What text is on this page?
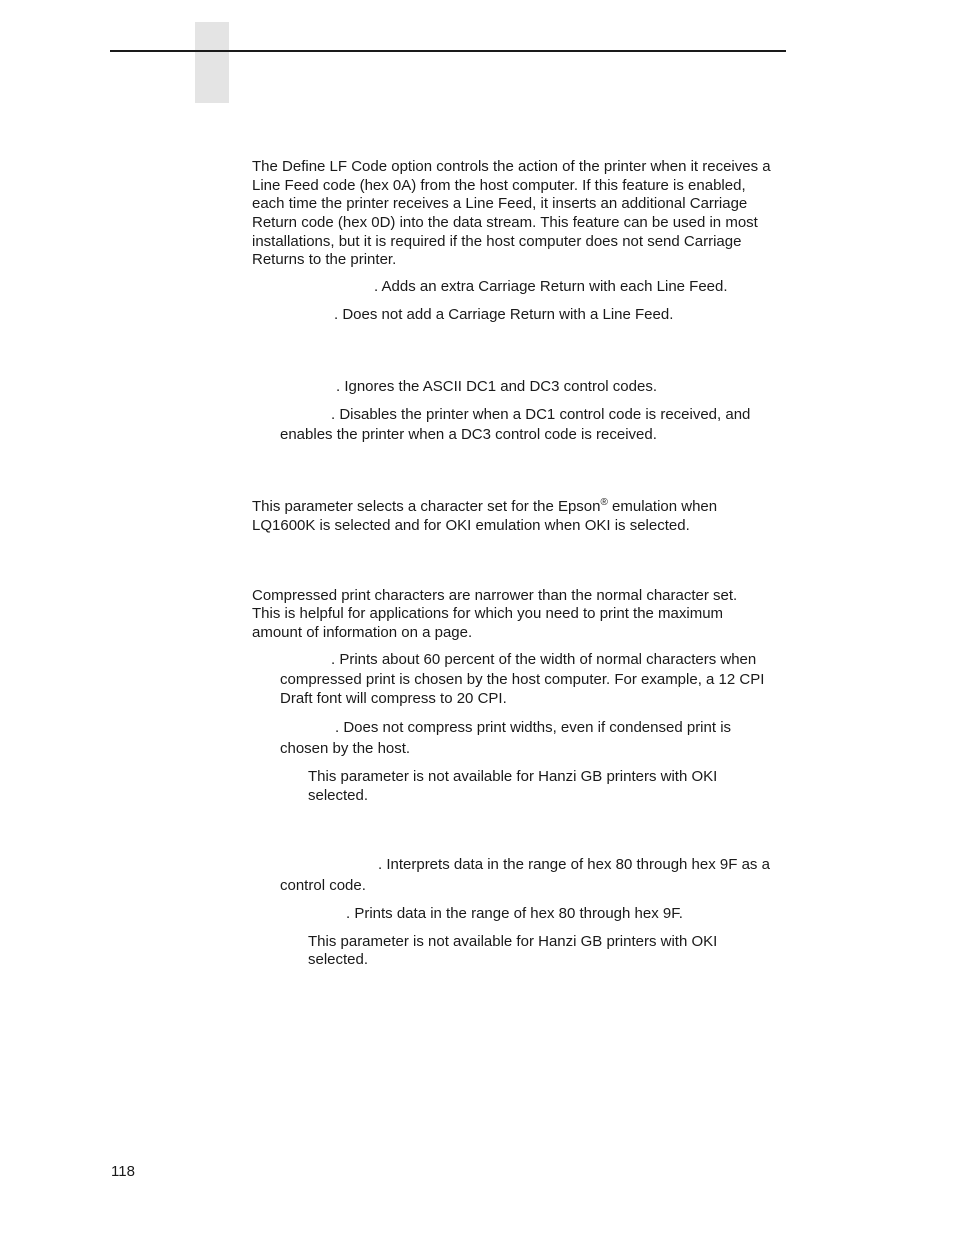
The Define LF Code option controls the action of the printer when it receives a

Line Feed code (hex 0A) from the host computer. If this feature is enabled,

each time the printer receives a Line Feed, it inserts an additional Carriage

Return code (hex 0D) into the data stream. This feature can be used in most

installations, but it is required if the host computer does not send Carriage

Returns to the printer.

. Adds an extra Carriage Return with each Line Feed.

. Does not add a Carriage Return with a Line Feed.

. Ignores the ASCII DC1 and DC3 control codes.

. Disables the printer when a DC1 control code is received, and

enables the printer when a DC3 control code is received.

This parameter selects a character set for the Epson® emulation when

LQ1600K is selected and for OKI emulation when OKI is selected.

Compressed print characters are narrower than the normal character set.

This is helpful for applications for which you need to print the maximum

amount of information on a page.

. Prints about 60 percent of the width of normal characters when

compressed print is chosen by the host computer. For example, a 12 CPI

Draft font will compress to 20 CPI.

. Does not compress print widths, even if condensed print is

chosen by the host.

This parameter is not available for Hanzi GB printers with OKI

selected.

. Interprets data in the range of hex 80 through hex 9F as a

control code.

. Prints data in the range of hex 80 through hex 9F.

This parameter is not available for Hanzi GB printers with OKI

selected.

118
